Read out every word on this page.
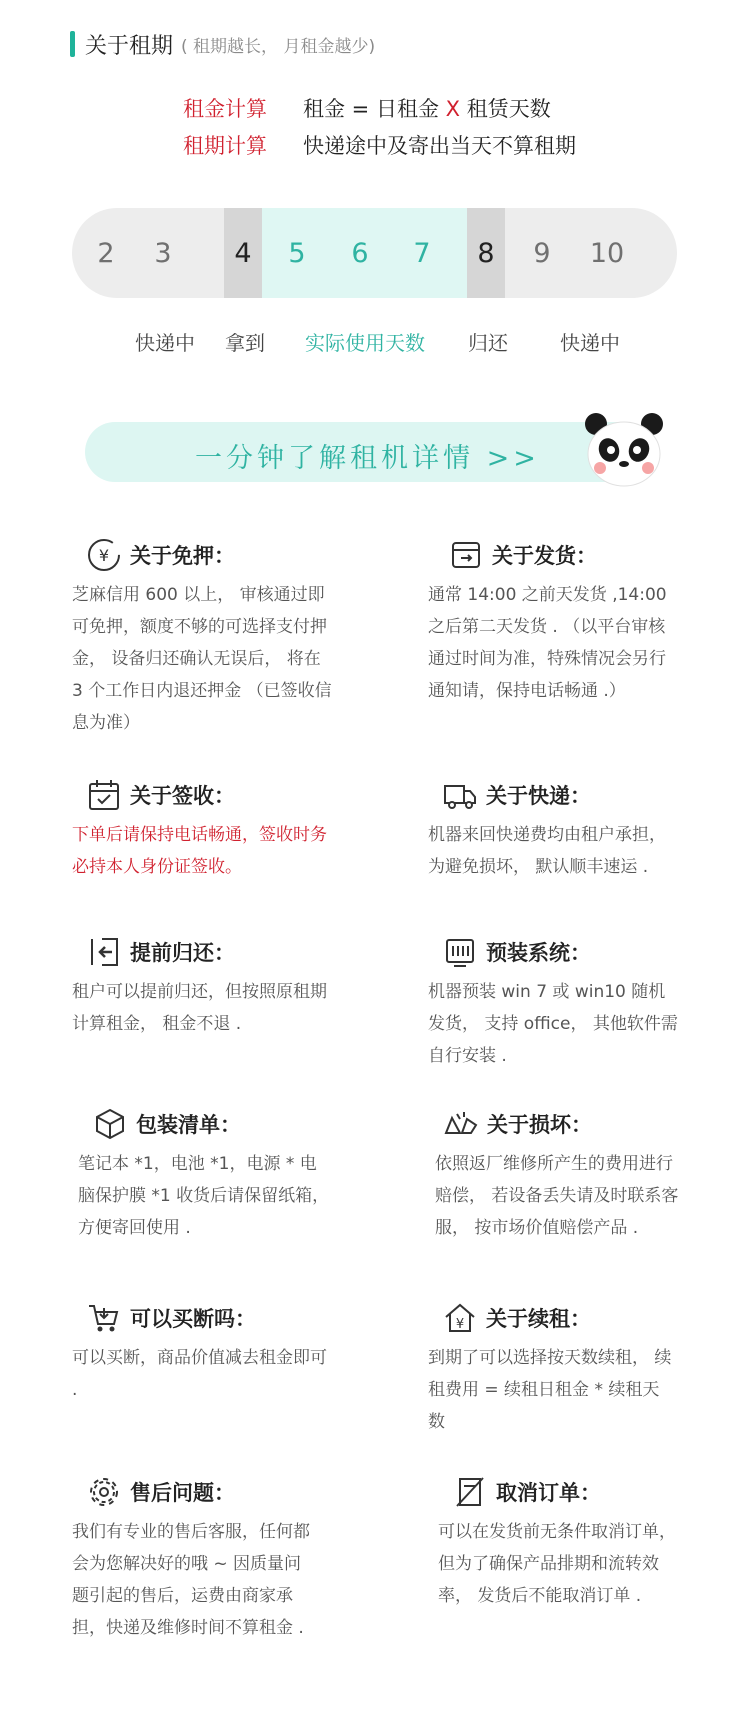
关于租期 ( 租期越长， 月租金越少)
租金计算	租金 = 日租金 X 租赁天数
租期计算	快递途中及寄出当天不算租期
2	3	4	5	6	7	8	9	10
快递中	拿到	实际使用天数	归还	快递中
一分钟了解租机详情 >>
¥ 关于免押：
芝麻信用 600 以上， 审核通过即可免押，额度不够的可选择支付押金， 设备归还确认无误后， 将在 3 个工作日内退还押金 （已签收信息为准）
关于发货：
通常 14:00 之前天发货 ,14:00 之后第二天发货 . （以平台审核通过时间为准，特殊情况会另行通知请，保持电话畅通 .）
关于签收：
下单后请保持电话畅通，签收时务必持本人身份证签收。
关于快递：
机器来回快递费均由租户承担， 为避免损坏， 默认顺丰速运 .
提前归还：
租户可以提前归还，但按照原租期计算租金， 租金不退 .
预装系统：
机器预装 win 7 或 win10 随机发货， 支持 office， 其他软件需自行安装 .
包装清单：
笔记本 *1，电池 *1，电源 * 电脑保护膜 *1 收货后请保留纸箱， 方便寄回使用 .
关于损坏：
依照返厂维修所产生的费用进行赔偿， 若设备丢失请及时联系客服， 按市场价值赔偿产品 .
可以买断吗：
可以买断，商品价值减去租金即可 .
¥ 关于续租：
到期了可以选择按天数续租， 续租费用 = 续租日租金 * 续租天数
售后问题：
我们有专业的售后客服，任何都会为您解决好的哦 ~ 因质量问题引起的售后，运费由商家承担，快递及维修时间不算租金 .
取消订单：
可以在发货前无条件取消订单， 但为了确保产品排期和流转效率， 发货后不能取消订单 .
